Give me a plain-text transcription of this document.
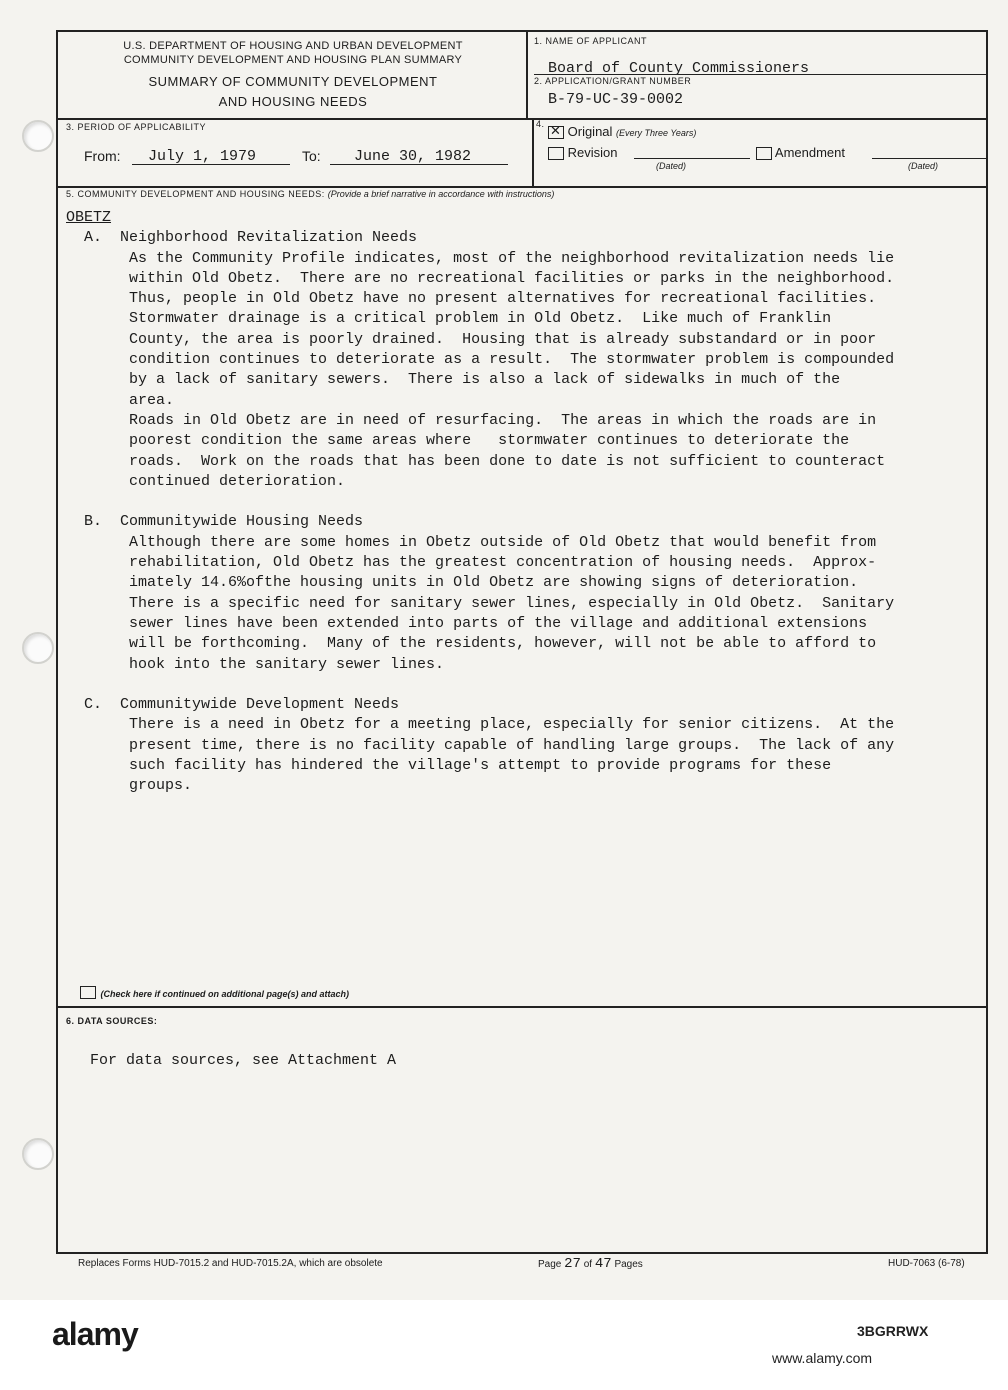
U.S. DEPARTMENT OF HOUSING AND URBAN DEVELOPMENT
COMMUNITY DEVELOPMENT AND HOUSING PLAN SUMMARY
SUMMARY OF COMMUNITY DEVELOPMENT
AND HOUSING NEEDS
1. NAME OF APPLICANT
Board of County Commissioners
2. APPLICATION/GRANT NUMBER
B-79-UC-39-0002
3. PERIOD OF APPLICABILITY
From: July 1, 1979	To: June 30, 1982
4. ✕ Original (Every Three Years)
Revision
(Dated)
Amendment
(Dated)
5. COMMUNITY DEVELOPMENT AND HOUSING NEEDS: (Provide a brief narrative in accordance with instructions)
OBETZ
A.  Neighborhood Revitalization Needs
As the Community Profile indicates, most of the neighborhood revitalization needs lie
within Old Obetz.  There are no recreational facilities or parks in the neighborhood.
Thus, people in Old Obetz have no present alternatives for recreational facilities.
Stormwater drainage is a critical problem in Old Obetz.  Like much of Franklin
County, the area is poorly drained.  Housing that is already substandard or in poor
condition continues to deteriorate as a result.  The stormwater problem is compounded
by a lack of sanitary sewers.  There is also a lack of sidewalks in much of the
area.
Roads in Old Obetz are in need of resurfacing.  The areas in which the roads are in
poorest condition the same areas where   stormwater continues to deteriorate the
roads.  Work on the roads that has been done to date is not sufficient to counteract
continued deterioration.
B.  Communitywide Housing Needs
Although there are some homes in Obetz outside of Old Obetz that would benefit from
rehabilitation, Old Obetz has the greatest concentration of housing needs.  Approx-
imately 14.6%ofthe housing units in Old Obetz are showing signs of deterioration.
There is a specific need for sanitary sewer lines, especially in Old Obetz.  Sanitary
sewer lines have been extended into parts of the village and additional extensions
will be forthcoming.  Many of the residents, however, will not be able to afford to
hook into the sanitary sewer lines.
C.  Communitywide Development Needs
There is a need in Obetz for a meeting place, especially for senior citizens.  At the
present time, there is no facility capable of handling large groups.  The lack of any
such facility has hindered the village's attempt to provide programs for these
groups.
(Check here if continued on additional page(s) and attach)
6. DATA SOURCES:
For data sources, see Attachment A
Replaces Forms HUD-7015.2 and HUD-7015.2A, which are obsolete	Page 27 of 47 Pages	HUD-7063 (6-78)
alamy	3BGRRWX
www.alamy.com
